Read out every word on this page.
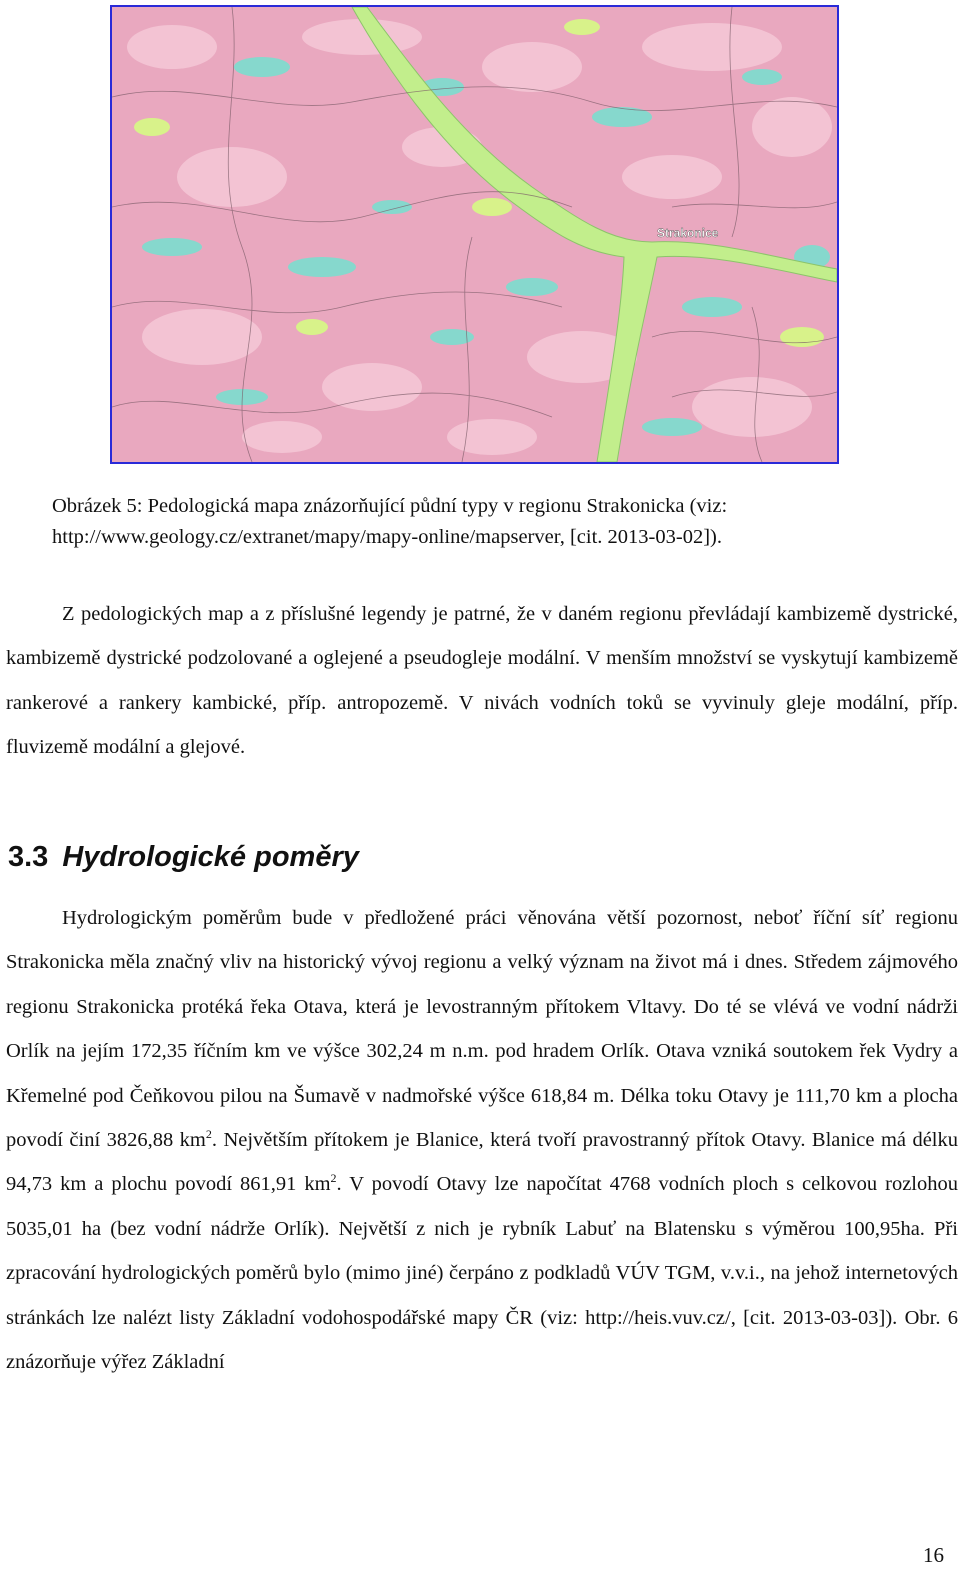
Strakonice
Obrázek 5: Pedologická mapa znázorňující půdní typy v regionu Strakonicka (viz:
http://www.geology.cz/extranet/mapy/mapy-online/mapserver, [cit. 2013-03-02]).

Z pedologických map a z příslušné legendy je patrné, že v daném regionu převládají kambizemě dystrické, kambizemě dystrické podzolované a oglejené a pseudogleje modální. V menším množství se vyskytují kambizemě rankerové a rankery kambické, příp. antropozemě. V nivách vodních toků se vyvinuly gleje modální, příp. fluvizemě modální a glejové.

3.3 Hydrologické poměry

Hydrologickým poměrům bude v předložené práci věnována větší pozornost, neboť říční síť regionu Strakonicka měla značný vliv na historický vývoj regionu a velký význam na život má i dnes. Středem zájmového regionu Strakonicka protéká řeka Otava, která je levostranným přítokem Vltavy. Do té se vlévá ve vodní nádrži Orlík na jejím 172,35 říčním km ve výšce 302,24 m n.m. pod hradem Orlík. Otava vzniká soutokem řek Vydry a Křemelné pod Čeňkovou pilou na Šumavě v nadmořské výšce 618,84 m. Délka toku Otavy je 111,70 km a plocha povodí činí 3826,88 $km^2$. Největším přítokem je Blanice, která tvoří pravostranný přítok Otavy. Blanice má délku 94,73 km a plochu povodí 861,91 $km^2$. V povodí Otavy lze napočítat 4768 vodních ploch s celkovou rozlohou 5035,01 ha (bez vodní nádrže Orlík). Největší z nich je rybník Labuť na Blatensku s výměrou 100,95ha. Při zpracování hydrologických poměrů bylo (mimo jiné) čerpáno z podkladů VÚV TGM, v.v.i., na jehož internetových stránkách lze nalézt listy Základní vodohospodářské mapy ČR (viz: http://heis.vuv.cz/, [cit. 2013-03-03]). Obr. 6 znázorňuje výřez Základní

16
